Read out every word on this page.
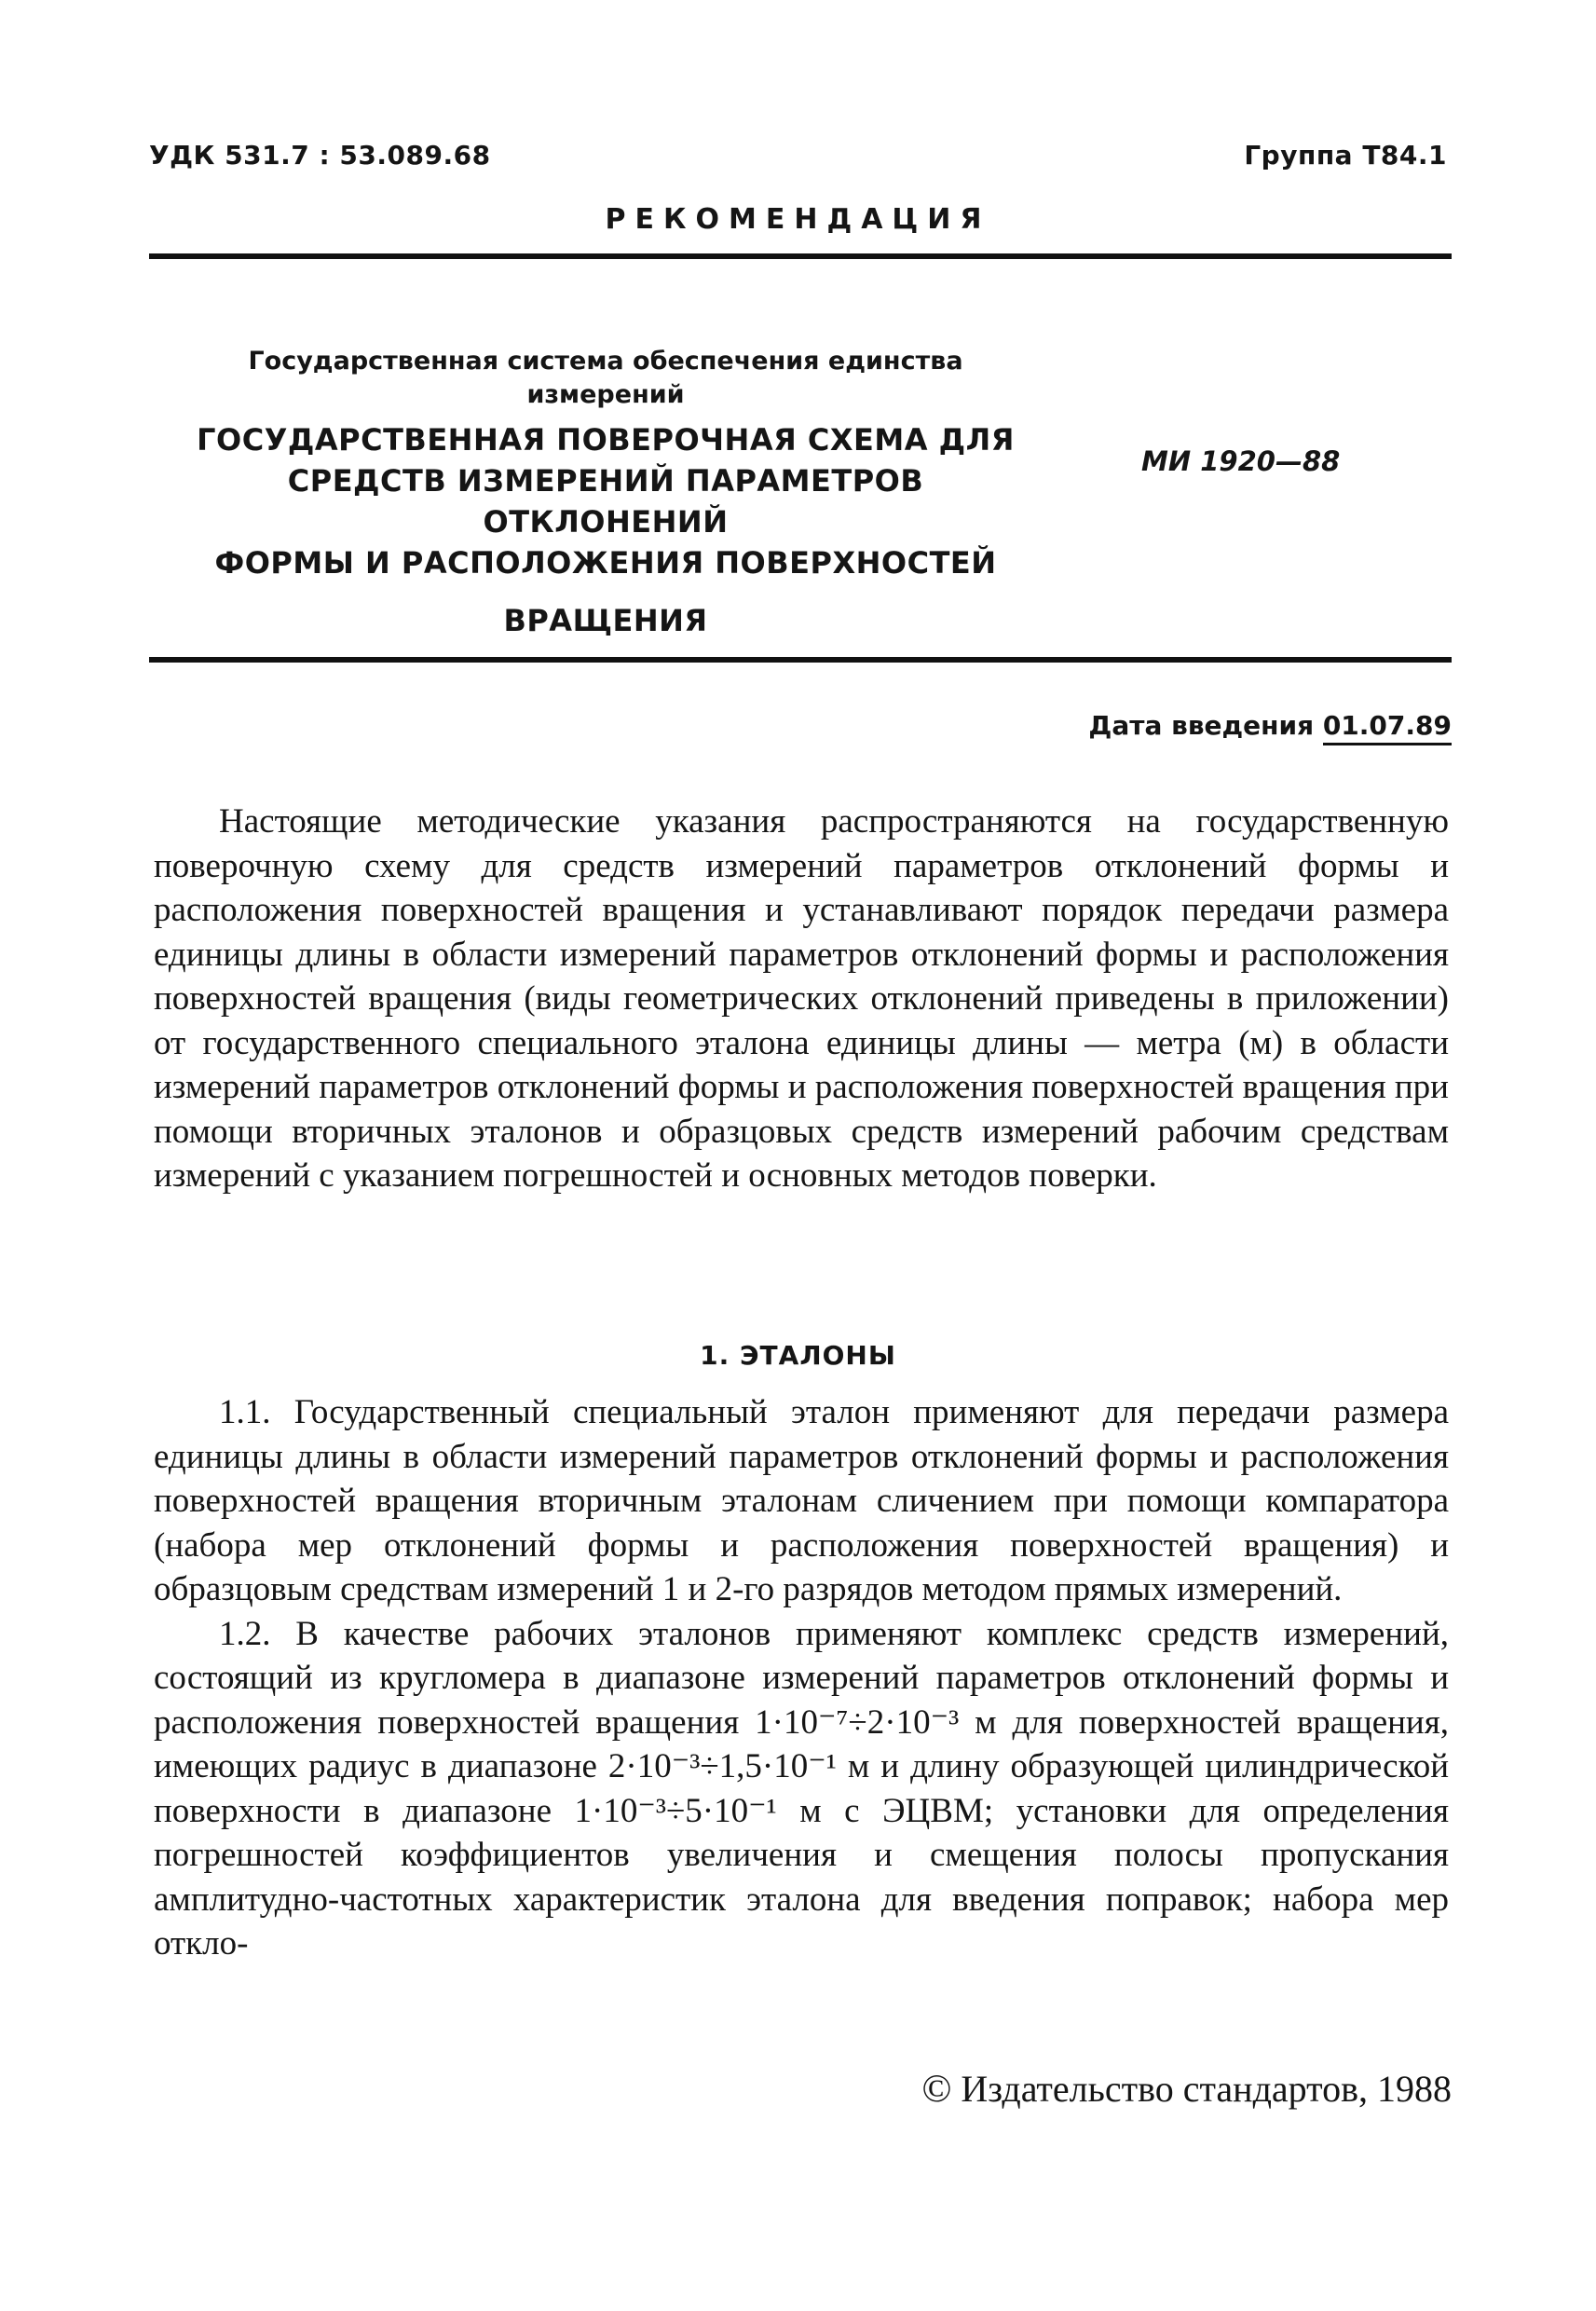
УДК 531.7 : 53.089.68	Группа Т84.1
РЕКОМЕНДАЦИЯ
Государственная система обеспечения единства измерений
ГОСУДАРСТВЕННАЯ ПОВЕРОЧНАЯ СХЕМА ДЛЯ
СРЕДСТВ ИЗМЕРЕНИЙ ПАРАМЕТРОВ ОТКЛОНЕНИЙ
ФОРМЫ И РАСПОЛОЖЕНИЯ ПОВЕРХНОСТЕЙ
ВРАЩЕНИЯ
МИ 1920—88
Дата введения 01.07.89

Настоящие методические указания распространяются на государственную поверочную схему для средств измерений параметров отклонений формы и расположения поверхностей вращения и устанавливают порядок передачи размера единицы длины в области измерений параметров отклонений формы и расположения поверхностей вращения (виды геометрических отклонений приведены в приложении) от государственного специального эталона единицы длины — метра (м) в области измерений параметров отклонений формы и расположения поверхностей вращения при помощи вторичных эталонов и образцовых средств измерений рабочим средствам измерений с указанием погрешностей и основных методов поверки.

1. ЭТАЛОНЫ

1.1. Государственный специальный эталон применяют для передачи размера единицы длины в области измерений параметров отклонений формы и расположения поверхностей вращения вторичным эталонам сличением при помощи компаратора (набора мер отклонений формы и расположения поверхностей вращения) и образцовым средствам измерений 1 и 2-го разрядов методом прямых измерений.

1.2. В качестве рабочих эталонов применяют комплекс средств измерений, состоящий из кругломера в диапазоне измерений параметров отклонений формы и расположения поверхностей вращения 1·10⁻⁷÷2·10⁻³ м для поверхностей вращения, имеющих радиус в диапазоне 2·10⁻³÷1,5·10⁻¹ м и длину образующей цилиндрической поверхности в диапазоне 1·10⁻³÷5·10⁻¹ м с ЭЦВМ; установки для определения погрешностей коэффициентов увеличения и смещения полосы пропускания амплитудно-частотных характеристик эталона для введения поправок; набора мер откло-

© Издательство стандартов, 1988
